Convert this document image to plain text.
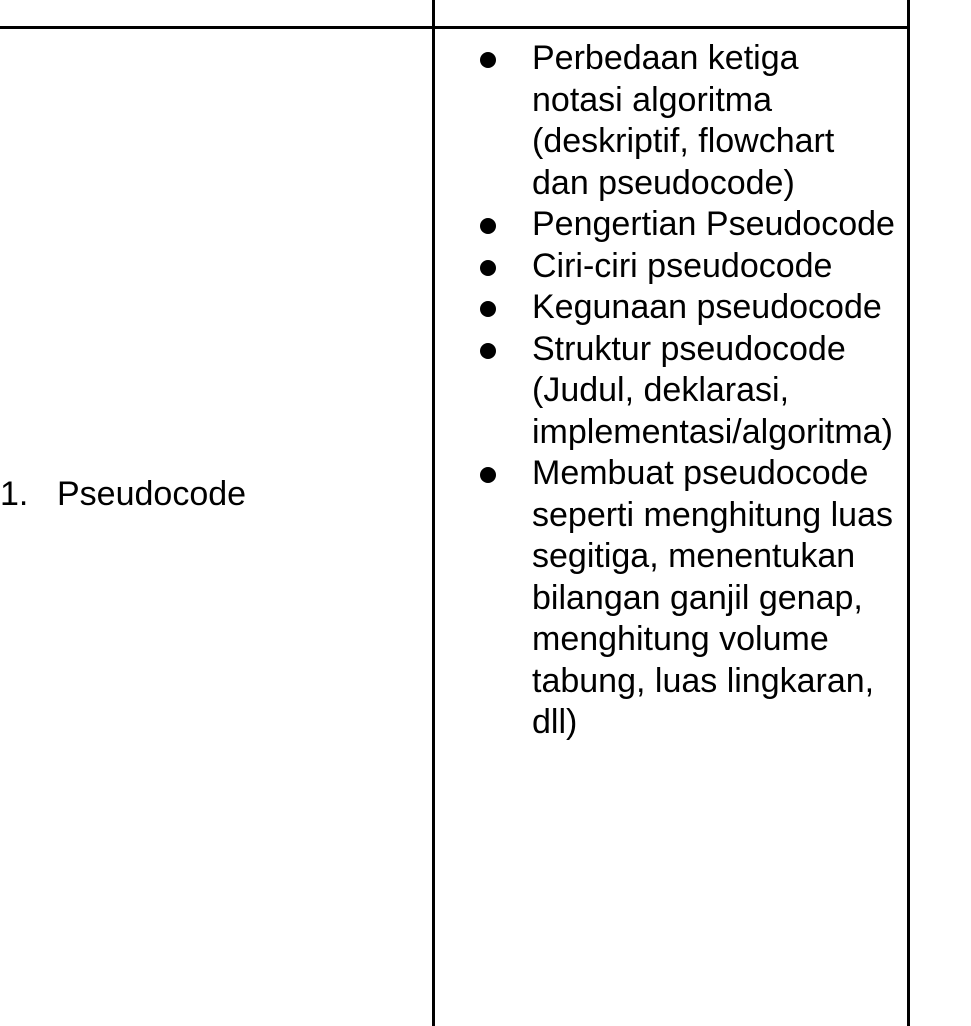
1. Pseudocode
Perbedaan ketiga notasi algoritma (deskriptif, flowchart dan pseudocode)
Pengertian Pseudocode
Ciri-ciri pseudocode
Kegunaan pseudocode
Struktur pseudocode (Judul, deklarasi, implementasi/algoritma)
Membuat pseudocode seperti menghitung luas segitiga, menentukan bilangan ganjil genap, menghitung volume tabung, luas lingkaran, dll)
